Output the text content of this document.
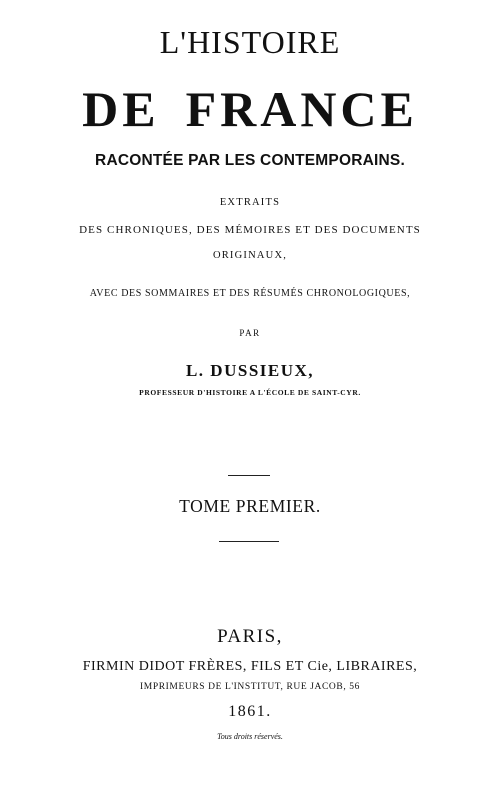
L'HISTOIRE
DE FRANCE
RACONTÉE PAR LES CONTEMPORAINS.
EXTRAITS
DES CHRONIQUES, DES MÉMOIRES ET DES DOCUMENTS
ORIGINAUX,
AVEC DES SOMMAIRES ET DES RÉSUMÉS CHRONOLOGIQUES,
PAR
L. DUSSIEUX,
PROFESSEUR D'HISTOIRE A L'ÉCOLE DE SAINT-CYR.
TOME PREMIER.
PARIS,
FIRMIN DIDOT FRÈRES, FILS ET Cie, LIBRAIRES,
IMPRIMEURS DE L'INSTITUT, RUE JACOB, 56
1861.
Tous droits réservés.
